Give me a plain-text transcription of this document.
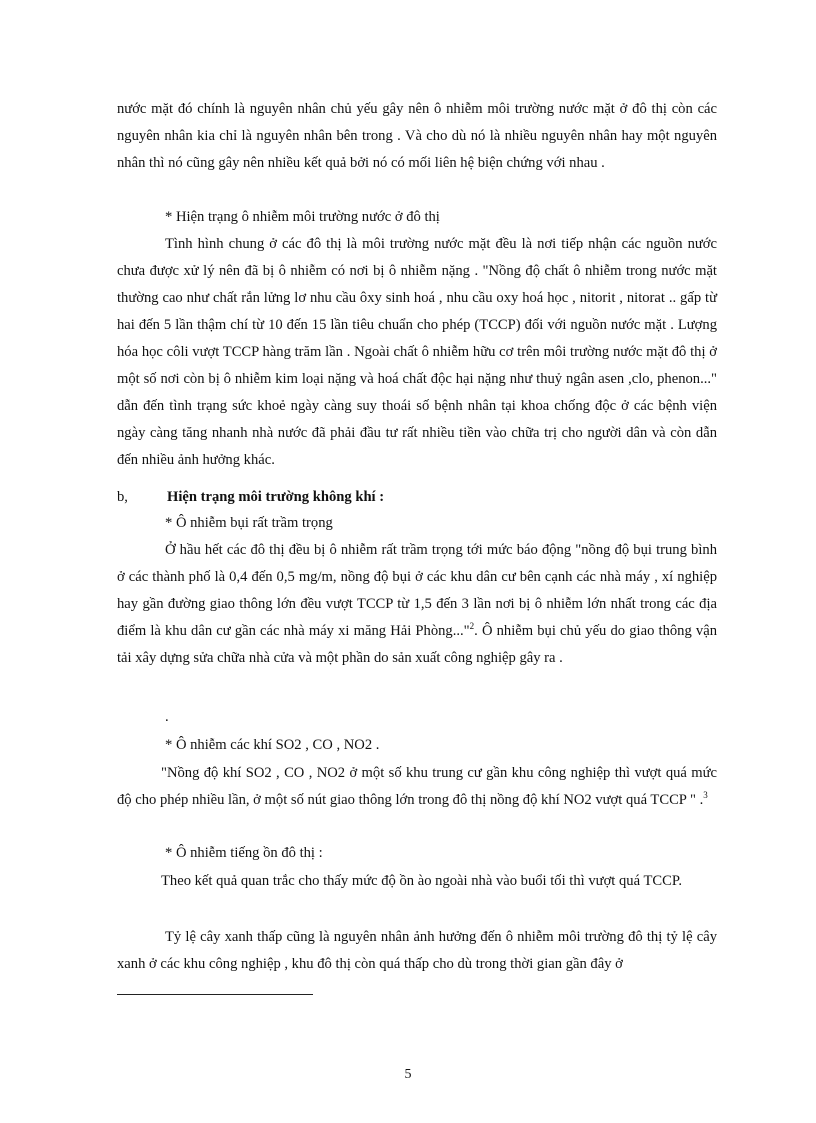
nước mặt đó chính là nguyên nhân chủ yếu gây nên ô nhiễm môi trường nước mặt ở đô thị còn các nguyên nhân kia chỉ là nguyên nhân bên trong . Và cho dù nó là nhiều nguyên nhân hay một nguyên nhân thì nó cũng gây nên nhiều kết quả bởi nó có mối liên hệ biện chứng với nhau .

* Hiện trạng ô nhiễm môi trường nước ở đô thị

Tình hình chung ở các đô thị là môi trường nước mặt đều là nơi tiếp nhận các nguồn nước chưa được xử lý nên đã bị ô nhiễm có nơi bị ô nhiễm nặng . "Nồng độ chất ô nhiễm trong nước mặt thường cao như chất rắn lửng lơ nhu cầu ôxy sinh hoá , nhu cầu oxy hoá học , nitorit , nitorat .. gấp từ hai đến 5 lần thậm chí từ 10 đến 15 lần tiêu chuẩn cho phép (TCCP) đối với nguồn nước mặt . Lượng hóa học côli vượt TCCP hàng trăm lần . Ngoài chất ô nhiễm hữu cơ trên môi trường nước mặt đô thị ở một số nơi còn bị ô nhiễm kim loại nặng và hoá chất độc hại nặng như thuỷ ngân asen ,clo, phenon..." dẫn đến tình trạng sức khoẻ ngày càng suy thoái số bệnh nhân tại khoa chống độc ở các bệnh viện ngày càng tăng nhanh nhà nước đã phải đầu tư rất nhiều tiền vào chữa trị cho người dân và còn dẫn đến nhiều ảnh hưởng khác.

b,	Hiện trạng môi trường không khí :

* Ô nhiễm bụi rất trầm trọng

Ở hầu hết các đô thị đều bị ô nhiễm rất trầm trọng tới mức báo động "nồng độ bụi trung bình ở các thành phố là 0,4 đến 0,5 mg/m, nồng độ bụi ở các khu dân cư bên cạnh các nhà máy , xí nghiệp hay gần đường giao thông lớn đều vượt TCCP từ 1,5 đến 3 lần nơi bị ô nhiễm lớn nhất trong các địa điểm là khu dân cư gần các nhà máy xi măng Hải Phòng..."$^2$. Ô nhiễm bụi chủ yếu do giao thông vận tải xây dựng sửa chữa nhà cửa và một phần do sản xuất công nghiệp gây ra .

.

* Ô nhiễm các khí SO2 , CO , NO2 .

"Nồng độ khí SO2 , CO , NO2 ở một số khu trung cư gần khu công nghiệp thì vượt quá mức độ cho phép nhiều lần, ở một số nút giao thông lớn trong đô thị nồng độ khí NO2 vượt quá TCCP " .$^3$

* Ô nhiễm tiếng ồn đô thị :

Theo kết quả quan trắc cho thấy mức độ ồn ào ngoài nhà vào buổi tối thì vượt quá TCCP.

Tỷ lệ cây xanh thấp cũng là nguyên nhân ảnh hưởng đến ô nhiễm môi trường đô thị tỷ lệ cây xanh ở các khu công nghiệp , khu đô thị còn quá thấp cho dù trong thời gian gần đây ở

5
